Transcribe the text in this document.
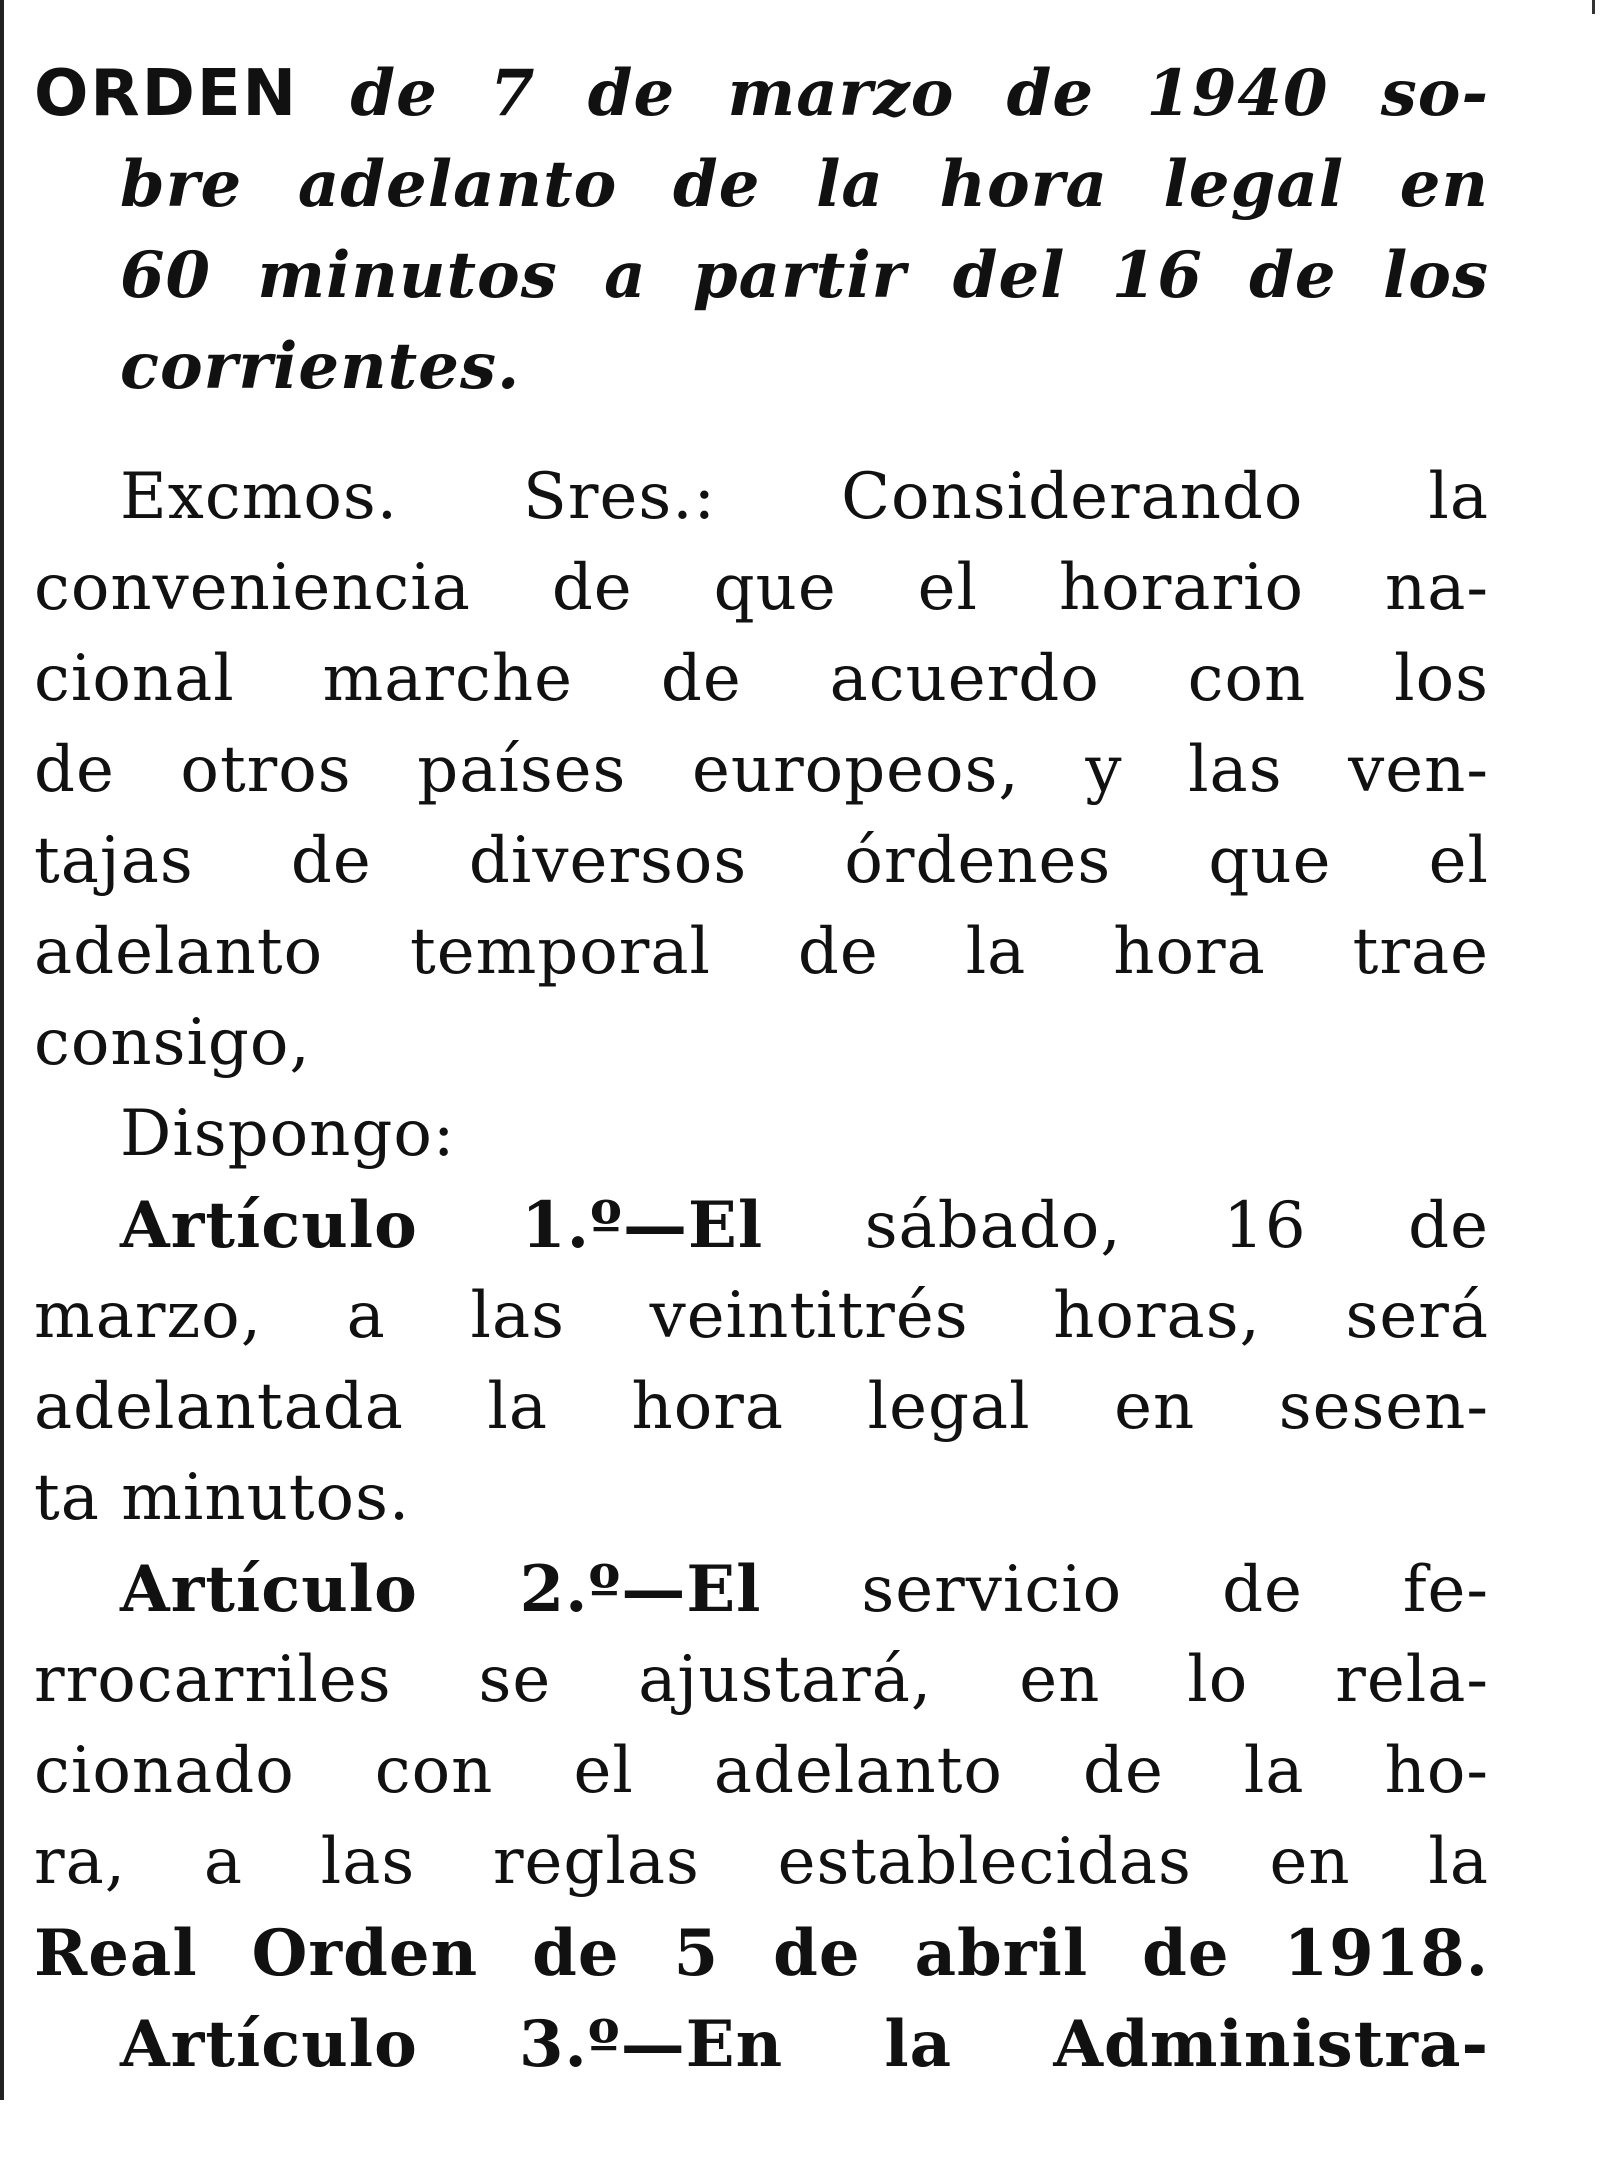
ORDEN de 7 de marzo de 1940 so-
bre adelanto de la hora legal en
60 minutos a partir del 16 de los
corrientes.
Excmos. Sres.: Considerando la
conveniencia de que el horario na-
cional marche de acuerdo con los
de otros países europeos, y las ven-
tajas de diversos órdenes que el
adelanto temporal de la hora trae
consigo,
Dispongo:
Artículo 1.º—El sábado, 16 de
marzo, a las veintitrés horas, será
adelantada la hora legal en sesen-
ta minutos.
Artículo 2.º—El servicio de fe-
rrocarriles se ajustará, en lo rela-
cionado con el adelanto de la ho-
ra, a las reglas establecidas en la
Real Orden de 5 de abril de 1918.
Artículo 3.º—En la Administra-
